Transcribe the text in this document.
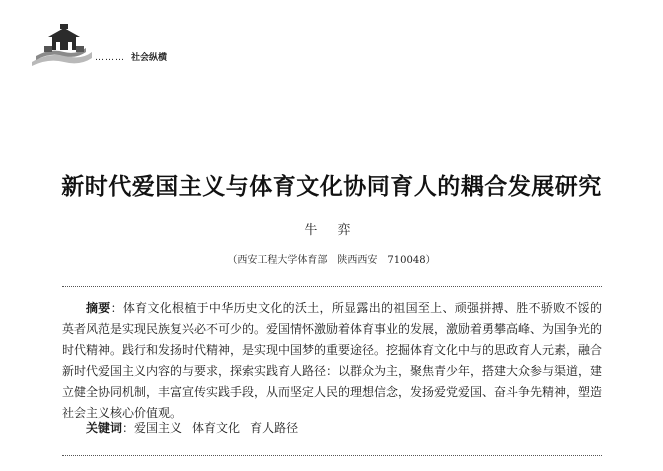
……… 社会纵横
新时代爱国主义与体育文化协同育人的耦合发展研究
牛 弈
（西安工程大学体育部 陕西西安 710048）

摘要：体育文化根植于中华历史文化的沃土，所显露出的祖国至上、顽强拼搏、胜不骄败不馁的英者风范是实现民族复兴必不可少的。爱国情怀激励着体育事业的发展，激励着勇攀高峰、为国争光的时代精神。践行和发扬时代精神，是实现中国梦的重要途径。挖掘体育文化中与的思政育人元素，融合新时代爱国主义内容的与要求，探索实践育人路径：以群众为主，聚焦青少年，搭建大众参与渠道，建立健全协同机制，丰富宣传实践手段，从而坚定人民的理想信念，发扬爱党爱国、奋斗争先精神，塑造社会主义核心价值观。

关键词：爱国主义 体育文化 育人路径
